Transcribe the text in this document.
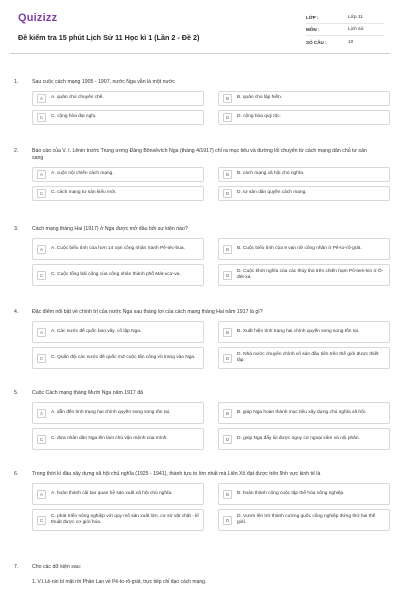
Quizizz
Đề kiểm tra 15 phút Lịch Sử 11 Học kì 1 (Lần 2 - Đề 2)
LỚP :	Lớp 11
MÔN :	Lịch sử
SỐ CÂU :	10
1.	Sau cuộc cách mạng 1905 - 1907, nước Nga vẫn là một nước
A	A. quân chủ chuyên chế.	B	B. quân chủ lập hiến.
C	C. cộng hòa đại nghị.	D	D. cộng hòa quý tộc.
2.	Báo cáo của V. I. Lênin trước Trung ương Đảng Bônsêvích Nga (tháng 4/1917) chỉ ra mục tiêu và đường lối chuyển từ cách mạng dân chủ tư sản sang
A	A. cuộc nội chiến cách mạng.	B	B. cách mạng xã hội chủ nghĩa.
C	C. cách mạng tư sản kiểu mới.	D	D. tư sản dân quyền cách mạng.
3.	Cách mạng tháng Hai (1917) ở Nga được mở đầu bởi sự kiện nào?
A	A. Cuộc biểu tình của hơn 14 vạn công nhân Xanh Pê-téc-bua.	B	B. Cuộc biểu tình của 9 vạn nữ công nhân ở Pê-tơ-rô-grát.
C	C. Cuộc tổng bãi công của công nhân thành phố Mát-xcơ-va.	D
D. Cuộc khởi nghĩa của các thủy thủ trên chiến hạm Pô-tem-kin ở Ô-đét-xa.
4.	Đặc điểm nổi bật về chính trị của nước Nga sau tháng lợi của cách mạng tháng Hai năm 1917 là gì?
A	A. Các nước đế quốc bao vây, cô lập Nga.	B	B. Xuất hiện tình trạng hai chính quyền song song tồn tại.
C	C. Quân đội các nước đế quốc mở cuộc tấn công vũ trang vào Nga.	D
D. Nhà nước chuyên chính vô sản đầu tiên trên thế giới được thiết lập.
5.	Cuộc Cách mạng tháng Mười Nga năm 1917 đã
A	A. dẫn đến tình trạng hai chính quyền song song tồn tại.	B	B. giúp Nga hoàn thành mục tiêu xây dựng chủ nghĩa xã hội.
C	C. đưa nhân dân Nga lên làm chủ vận mệnh của mình.	D	D. giúp Nga đẩy lùi được nguy cơ ngoại xâm và nội phản.
6.	Trong thời kì đầu xây dựng xã hội chủ nghĩa (1925 - 1941), thành tựu to lớn nhất mà Liên Xô đạt được trên lĩnh vực kinh tế là
A	A. hoàn thành cải tạo quan hệ sản xuất xã hội chủ nghĩa.	B	B. hoàn thành công cuộc tập thể hóa nông nghiệp.
C
C. phát triển nông nghiệp với quy mô sản xuất lớn, cơ sở vật chất - kĩ thuật được cơ giới hóa.	D
D. Vươn lên trở thành cường quốc công nghiệp đứng thứ hai thế giới.
7.	Cho các dữ kiện sau:
1. V.I.Lê-nin bí mật rời Phần Lan về Pê-to-rô-grát, trực tiếp chỉ đạo cách mạng.
